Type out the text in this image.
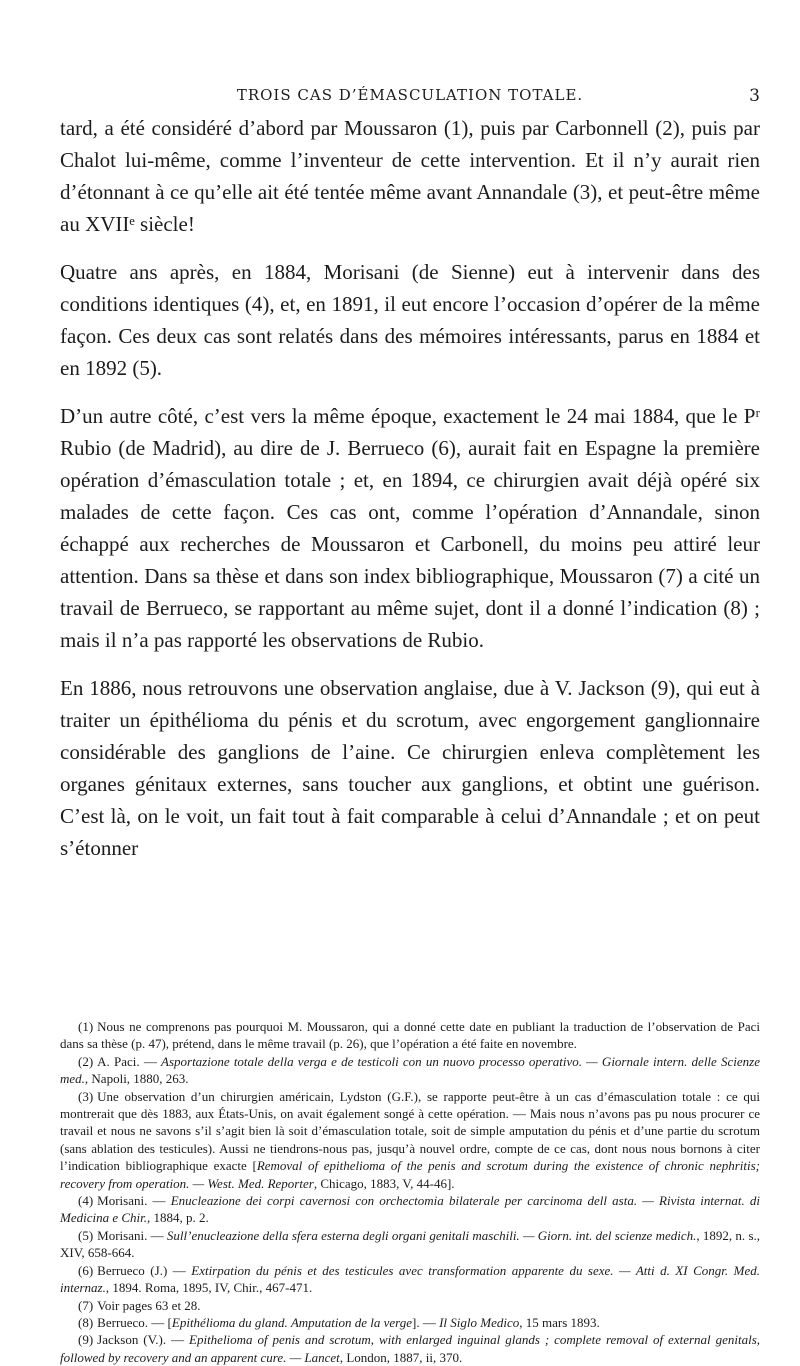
TROIS CAS D’ÉMASCULATION TOTALE.	3

tard, a été considéré d’abord par Moussaron (1), puis par Carbonnell (2), puis par Chalot lui-même, comme l’inventeur de cette intervention. Et il n’y aurait rien d’étonnant à ce qu’elle ait été tentée même avant Annandale (3), et peut-être même au XVIIᵉ siècle!

Quatre ans après, en 1884, Morisani (de Sienne) eut à intervenir dans des conditions identiques (4), et, en 1891, il eut encore l’occasion d’opérer de la même façon. Ces deux cas sont relatés dans des mémoires intéressants, parus en 1884 et en 1892 (5).

D’un autre côté, c’est vers la même époque, exactement le 24 mai 1884, que le Pʳ Rubio (de Madrid), au dire de J. Berrueco (6), aurait fait en Espagne la première opération d’émasculation totale ; et, en 1894, ce chirurgien avait déjà opéré six malades de cette façon. Ces cas ont, comme l’opération d’Annandale, sinon échappé aux recherches de Moussaron et Carbonell, du moins peu attiré leur attention. Dans sa thèse et dans son index bibliographique, Moussaron (7) a cité un travail de Berrueco, se rapportant au même sujet, dont il a donné l’indication (8) ; mais il n’a pas rapporté les observations de Rubio.

En 1886, nous retrouvons une observation anglaise, due à V. Jackson (9), qui eut à traiter un épithélioma du pénis et du scrotum, avec engorgement ganglionnaire considérable des ganglions de l’aine. Ce chirurgien enleva complètement les organes génitaux externes, sans toucher aux ganglions, et obtint une guérison. C’est là, on le voit, un fait tout à fait comparable à celui d’Annandale ; et on peut s’étonner

(1) Nous ne comprenons pas pourquoi M. Moussaron, qui a donné cette date en publiant la traduction de l’observation de Paci dans sa thèse (p. 47), prétend, dans le même travail (p. 26), que l’opération a été faite en novembre.

(2) A. Paci. — Asportazione totale della verga e de testicoli con un nuovo processo operativo. — Giornale intern. delle Scienze med., Napoli, 1880, 263.

(3) Une observation d’un chirurgien américain, Lydston (G.F.), se rapporte peut-être à un cas d’émasculation totale : ce qui montrerait que dès 1883, aux États-Unis, on avait également songé à cette opération. — Mais nous n’avons pas pu nous procurer ce travail et nous ne savons s’il s’agit bien là soit d’émasculation totale, soit de simple amputation du pénis et d’une partie du scrotum (sans ablation des testicules). Aussi ne tiendrons-nous pas, jusqu’à nouvel ordre, compte de ce cas, dont nous nous bornons à citer l’indication bibliographique exacte [Removal of epithelioma of the penis and scrotum during the existence of chronic nephritis; recovery from operation. — West. Med. Reporter, Chicago, 1883, V, 44-46].

(4) Morisani. — Enucleazione dei corpi cavernosi con orchectomia bilaterale per carcinoma dell asta. — Rivista internat. di Medicina e Chir., 1884, p. 2.

(5) Morisani. — Sull’enucleazione della sfera esterna degli organi genitali maschili. — Giorn. int. del scienze medich., 1892, n. s., XIV, 658-664.

(6) Berrueco (J.) — Extirpation du pénis et des testicules avec transformation apparente du sexe. — Atti d. XI Congr. Med. internaz., 1894. Roma, 1895, IV, Chir., 467-471.

(7) Voir pages 63 et 28.

(8) Berrueco. — [Epithélioma du gland. Amputation de la verge]. — Il Siglo Medico, 15 mars 1893.

(9) Jackson (V.). — Epithelioma of penis and scrotum, with enlarged inguinal glands ; complete removal of external genitals, followed by recovery and an apparent cure. — Lancet, London, 1887, ii, 370.
